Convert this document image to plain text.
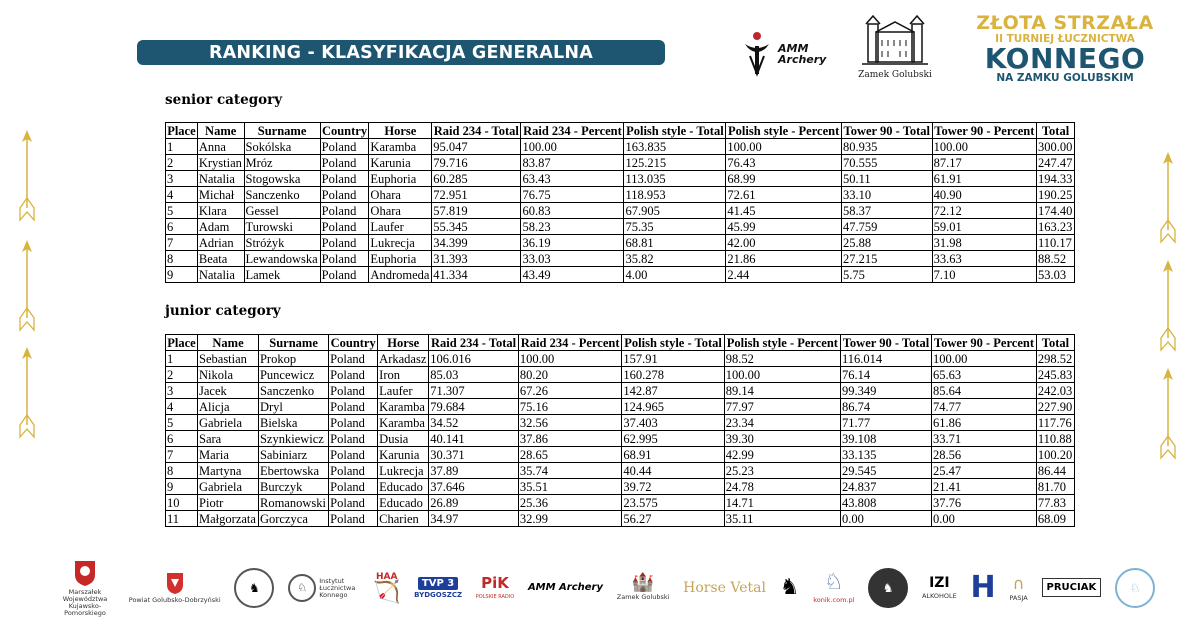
RANKING - KLASYFIKACJA GENERALNA	AMM
Archery
Zamek Golubski
ZŁOTA STRZAŁA
II TURNIEJ ŁUCZNICTWA
KONNEGO
NA ZAMKU GOLUBSKIM
senior category
Place	Name	Surname	Country	Horse	Raid 234 - Total	Raid 234 - Percent	Polish style - Total	Polish style - Percent	Tower 90 - Total	Tower 90 - Percent	Total
1	Anna	Sokólska	Poland	Karamba	95.047	100.00	163.835	100.00	80.935	100.00	300.00
2	Krystian	Mróz	Poland	Karunia	79.716	83.87	125.215	76.43	70.555	87.17	247.47
3	Natalia	Stogowska	Poland	Euphoria	60.285	63.43	113.035	68.99	50.11	61.91	194.33
4	Michał	Sanczenko	Poland	Ohara	72.951	76.75	118.953	72.61	33.10	40.90	190.25
5	Klara	Gessel	Poland	Ohara	57.819	60.83	67.905	41.45	58.37	72.12	174.40
6	Adam	Turowski	Poland	Laufer	55.345	58.23	75.35	45.99	47.759	59.01	163.23
7	Adrian	Stróżyk	Poland	Lukrecja	34.399	36.19	68.81	42.00	25.88	31.98	110.17
8	Beata	Lewandowska	Poland	Euphoria	31.393	33.03	35.82	21.86	27.215	33.63	88.52
9	Natalia	Lamek	Poland	Andromeda	41.334	43.49	4.00	2.44	5.75	7.10	53.03
junior category
Place	Name	Surname	Country	Horse	Raid 234 - Total	Raid 234 - Percent	Polish style - Total	Polish style - Percent	Tower 90 - Total	Tower 90 - Percent	Total
1	Sebastian	Prokop	Poland	Arkadasz	106.016	100.00	157.91	98.52	116.014	100.00	298.52
2	Nikola	Puncewicz	Poland	Iron	85.03	80.20	160.278	100.00	76.14	65.63	245.83
3	Jacek	Sanczenko	Poland	Laufer	71.307	67.26	142.87	89.14	99.349	85.64	242.03
4	Alicja	Dryl	Poland	Karamba	79.684	75.16	124.965	77.97	86.74	74.77	227.90
5	Gabriela	Bielska	Poland	Karamba	34.52	32.56	37.403	23.34	71.77	61.86	117.76
6	Sara	Szynkiewicz	Poland	Dusia	40.141	37.86	62.995	39.30	39.108	33.71	110.88
7	Maria	Sabiniarz	Poland	Karunia	30.371	28.65	68.91	42.99	33.135	28.56	100.20
8	Martyna	Ebertowska	Poland	Lukrecja	37.89	35.74	40.44	25.23	29.545	25.47	86.44
9	Gabriela	Burczyk	Poland	Educado	37.646	35.51	39.72	24.78	24.837	21.41	81.70
10	Piotr	Romanowski	Poland	Educado	26.89	25.36	23.575	14.71	43.808	37.76	77.83
11	Małgorzata	Gorczyca	Poland	Charien	34.97	32.99	56.27	35.11	0.00	0.00	68.09
Marszałek Województwa Kujawsko-Pomorskiego
Powiat Golubsko-Dobrzyński
♞	♘	Instytut Łucznictwa Konnego
HAA
🏹	TVP 3
BYDGOSZCZ
PiK
POLSKIE RADIO
AMM Archery 🏰
Zamek Golubski
Horse Vetal ♞ ♘
konik.com.pl
♞	IZI
ALKOHOLE H ∩
PASJA
PRUCIAK	♘
